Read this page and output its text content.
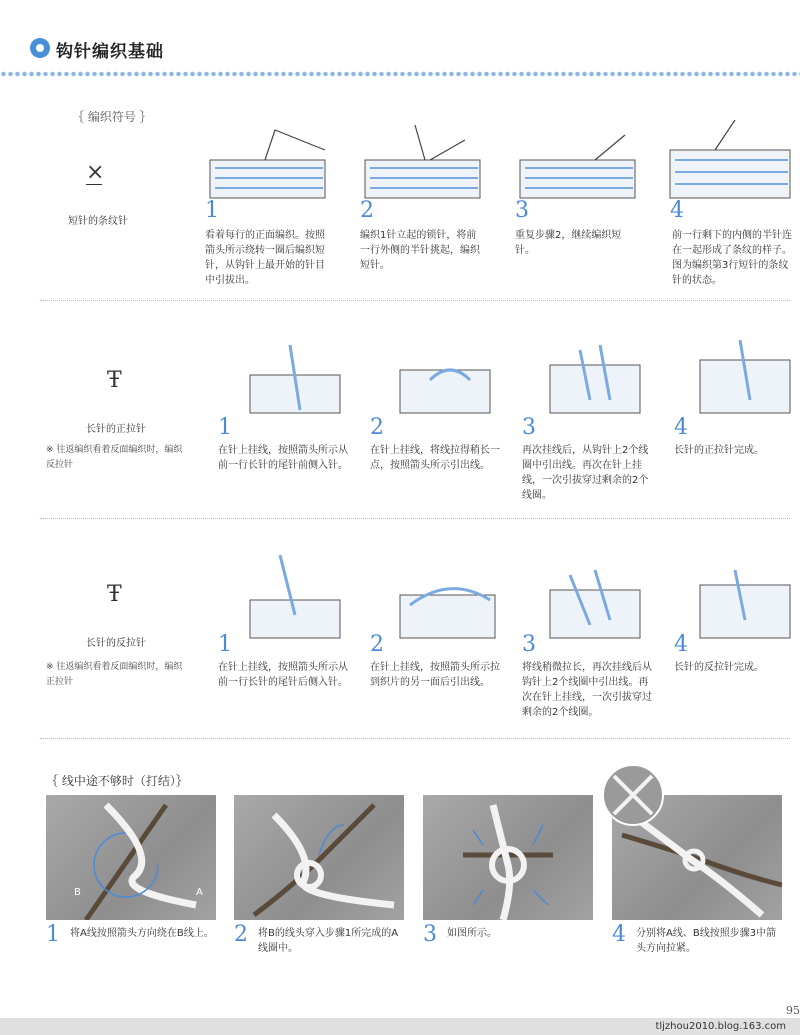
钩针编织基础
｛ 编织符号 ｝
×
短针的条纹针	1
看着每行的正面编织。按照箭头所示绕转一圈后编织短针，从钩针上最开始的针目中引拔出。
2
编织1针立起的锁针，将前一行外侧的半针挑起，编织短针。
3
重复步骤2，继续编织短针。
4
前一行剩下的内侧的半针连在一起形成了条纹的样子。图为编织第3行短针的条纹针的状态。
Ŧ
长针的正拉针
※ 往返编织看着反面编织时，编织反拉针
1
在针上挂线，按照箭头所示从前一行长针的尾针前侧入针。
2
在针上挂线，将线拉得稍长一点，按照箭头所示引出线。
3
再次挂线后，从钩针上2个线圈中引出线。再次在针上挂线，一次引拔穿过剩余的2个线圈。
4
长针的正拉针完成。
Ŧ
长针的反拉针
※ 往返编织看着反面编织时，编织正拉针
1
在针上挂线，按照箭头所示从前一行长针的尾针后侧入针。
2
在针上挂线，按照箭头所示拉到织片的另一面后引出线。
3
将线稍微拉长，再次挂线后从钩针上2个线圈中引出线。再次在针上挂线，一次引拔穿过剩余的2个线圈。
4
长针的反拉针完成。
｛ 线中途不够时（打结）｝
B	A
1 将A线按照箭头方向绕在B线上。 2 将B的线头穿入步骤1所完成的A线圈中。
3 如图所示。	4 分别将A线、B线按照步骤3中箭头方向拉紧。
95
tljzhou2010.blog.163.com
